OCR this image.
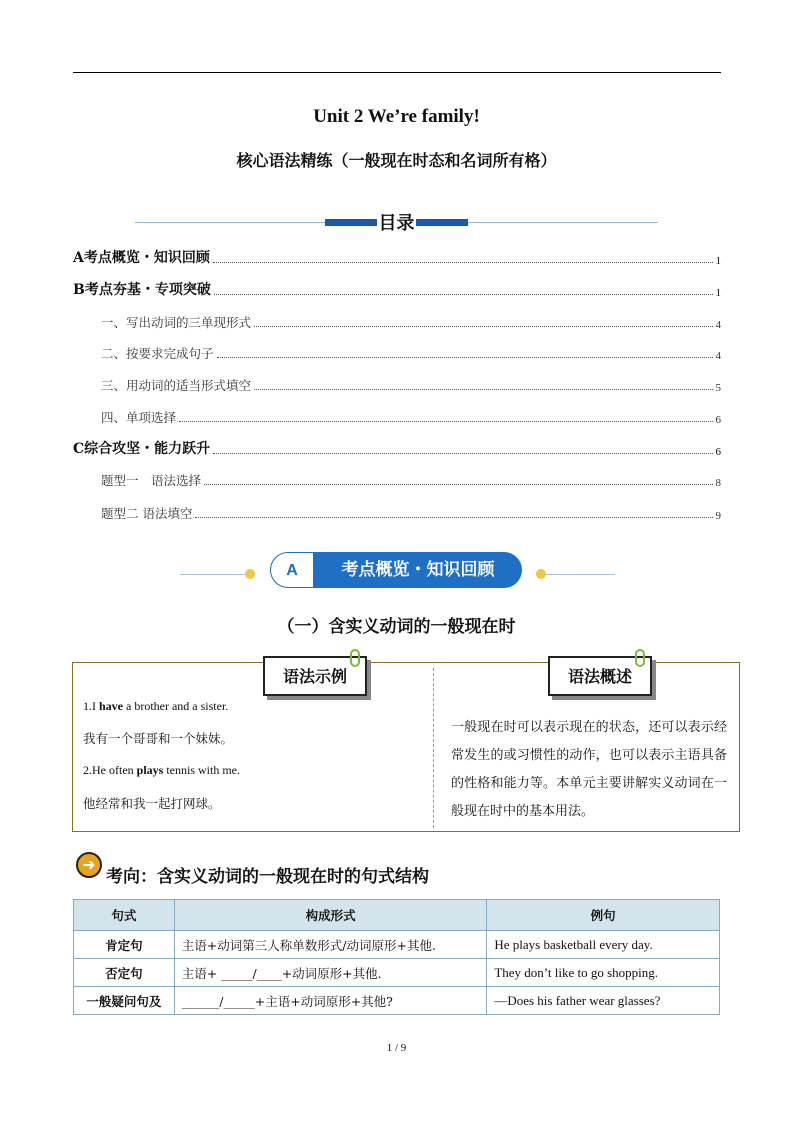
Unit 2 We’re family!
核心语法精练（一般现在时态和名词所有格）
目录
A考点概览・知识回顾	1
B考点夯基・专项突破	1
一、写出动词的三单现形式	4
二、按要求完成句子	4
三、用动词的适当形式填空	5
四、单项选择	6
C综合攻坚・能力跃升	6
题型一　语法选择	8
题型二 语法填空	9
A	考点概览・知识回顾
（一）含实义动词的一般现在时
语法示例	语法概述
1.I have a brother and a sister.
我有一个哥哥和一个妹妹。
2.He often plays tennis with me.
他经常和我一起打网球。
一般现在时可以表示现在的状态，还可以表示经常发生的或习惯性的动作，也可以表示主语具备的性格和能力等。本单元主要讲解实义动词在一般现在时中的基本用法。
➜
考向：含实义动词的一般现在时的句式结构
句式	构成形式	例句
肯定句	主语+动词第三人称单数形式/动词原形+其他.	He plays basketball every day.
否定句	主语+ _____/____+动词原形+其他.	They don’t like to go shopping.
一般疑问句及	______/_____+主语+动词原形+其他?	—Does his father wear glasses?
1 / 9
